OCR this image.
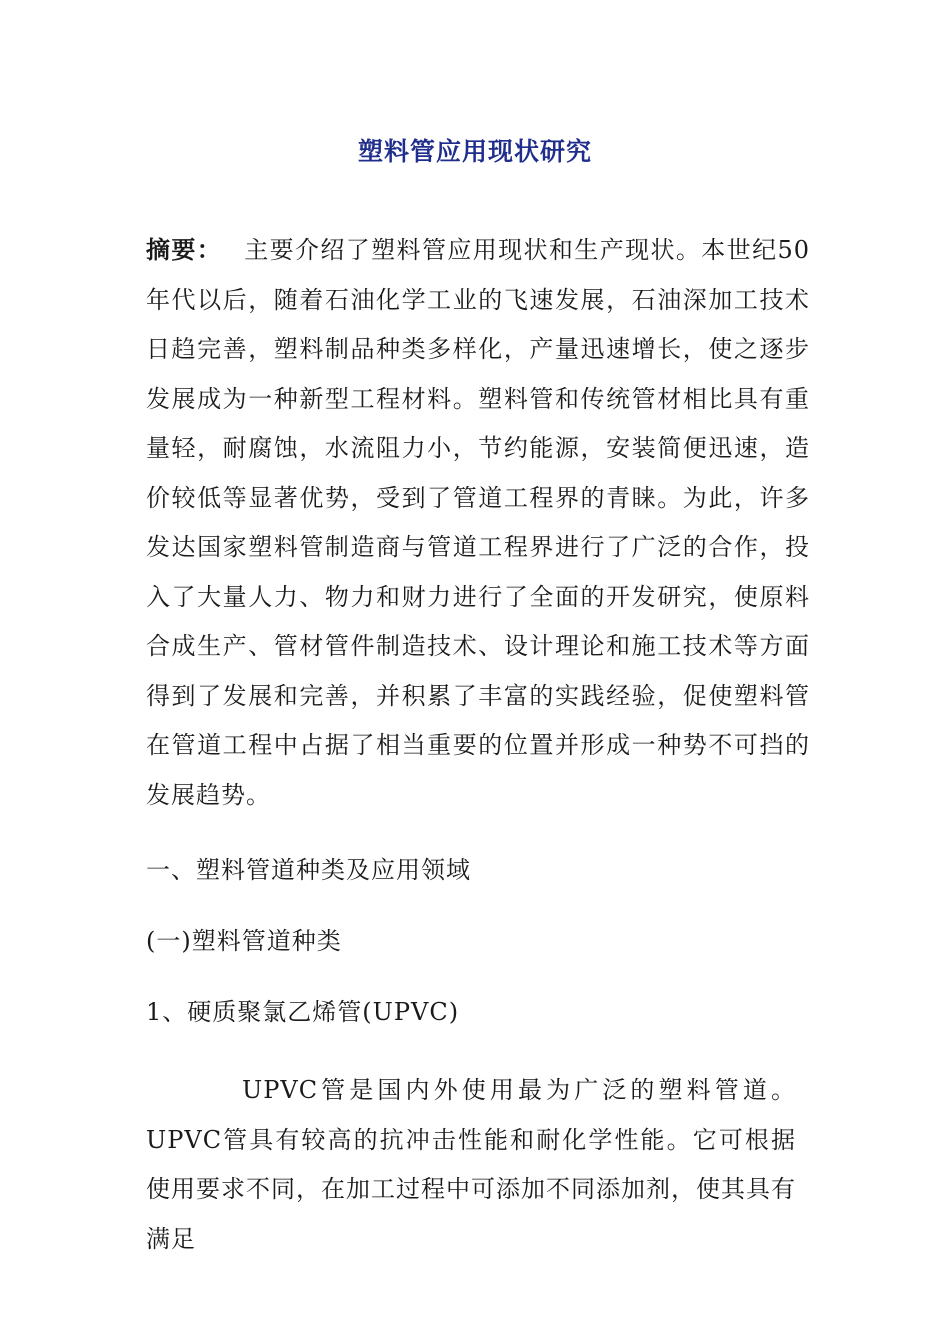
塑料管应用现状研究

摘要： 主要介绍了塑料管应用现状和生产现状。本世纪50年代以后，随着石油化学工业的飞速发展，石油深加工技术日趋完善，塑料制品种类多样化，产量迅速增长，使之逐步发展成为一种新型工程材料。塑料管和传统管材相比具有重量轻，耐腐蚀，水流阻力小，节约能源，安装简便迅速，造价较低等显著优势，受到了管道工程界的青睐。为此，许多发达国家塑料管制造商与管道工程界进行了广泛的合作，投入了大量人力、物力和财力进行了全面的开发研究，使原料合成生产、管材管件制造技术、设计理论和施工技术等方面得到了发展和完善，并积累了丰富的实践经验，促使塑料管在管道工程中占据了相当重要的位置并形成一种势不可挡的发展趋势。

一、塑料管道种类及应用领域

(一)塑料管道种类

1、硬质聚氯乙烯管(UPVC)

UPVC管是国内外使用最为广泛的塑料管道。UPVC管具有较高的抗冲击性能和耐化学性能。它可根据使用要求不同，在加工过程中可添加不同添加剂，使其具有满足
